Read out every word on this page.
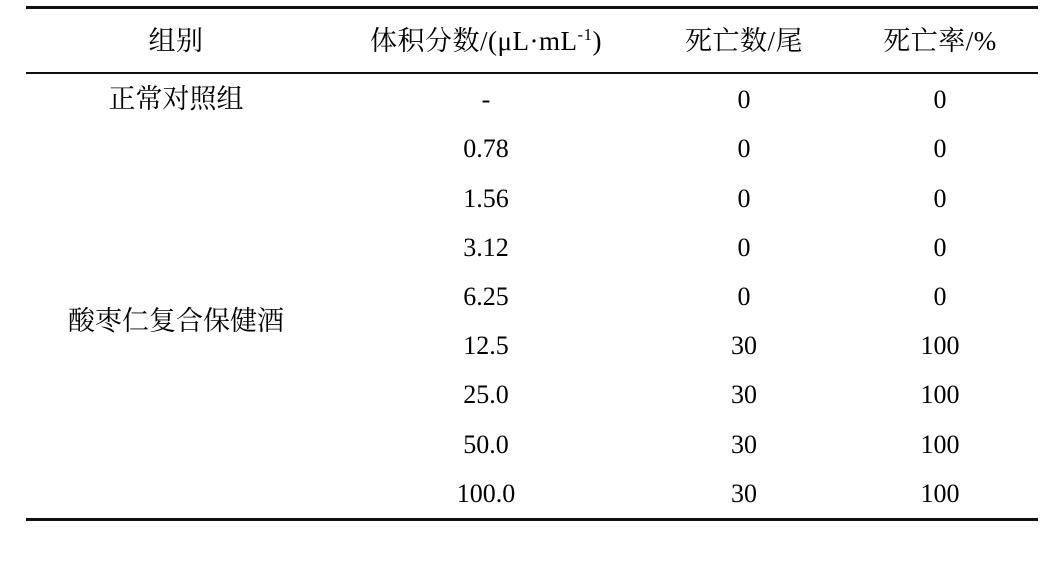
组别	体积分数$/(\mu L\cdot mL^{-1})$	死亡数/尾	死亡率/%
正常对照组	-	0	0
酸枣仁复合保健酒	0.78	0	0
	1.56	0	0
	3.12	0	0
	6.25	0	0
	12.5	30	100
	25.0	30	100
	50.0	30	100
	100.0	30	100
